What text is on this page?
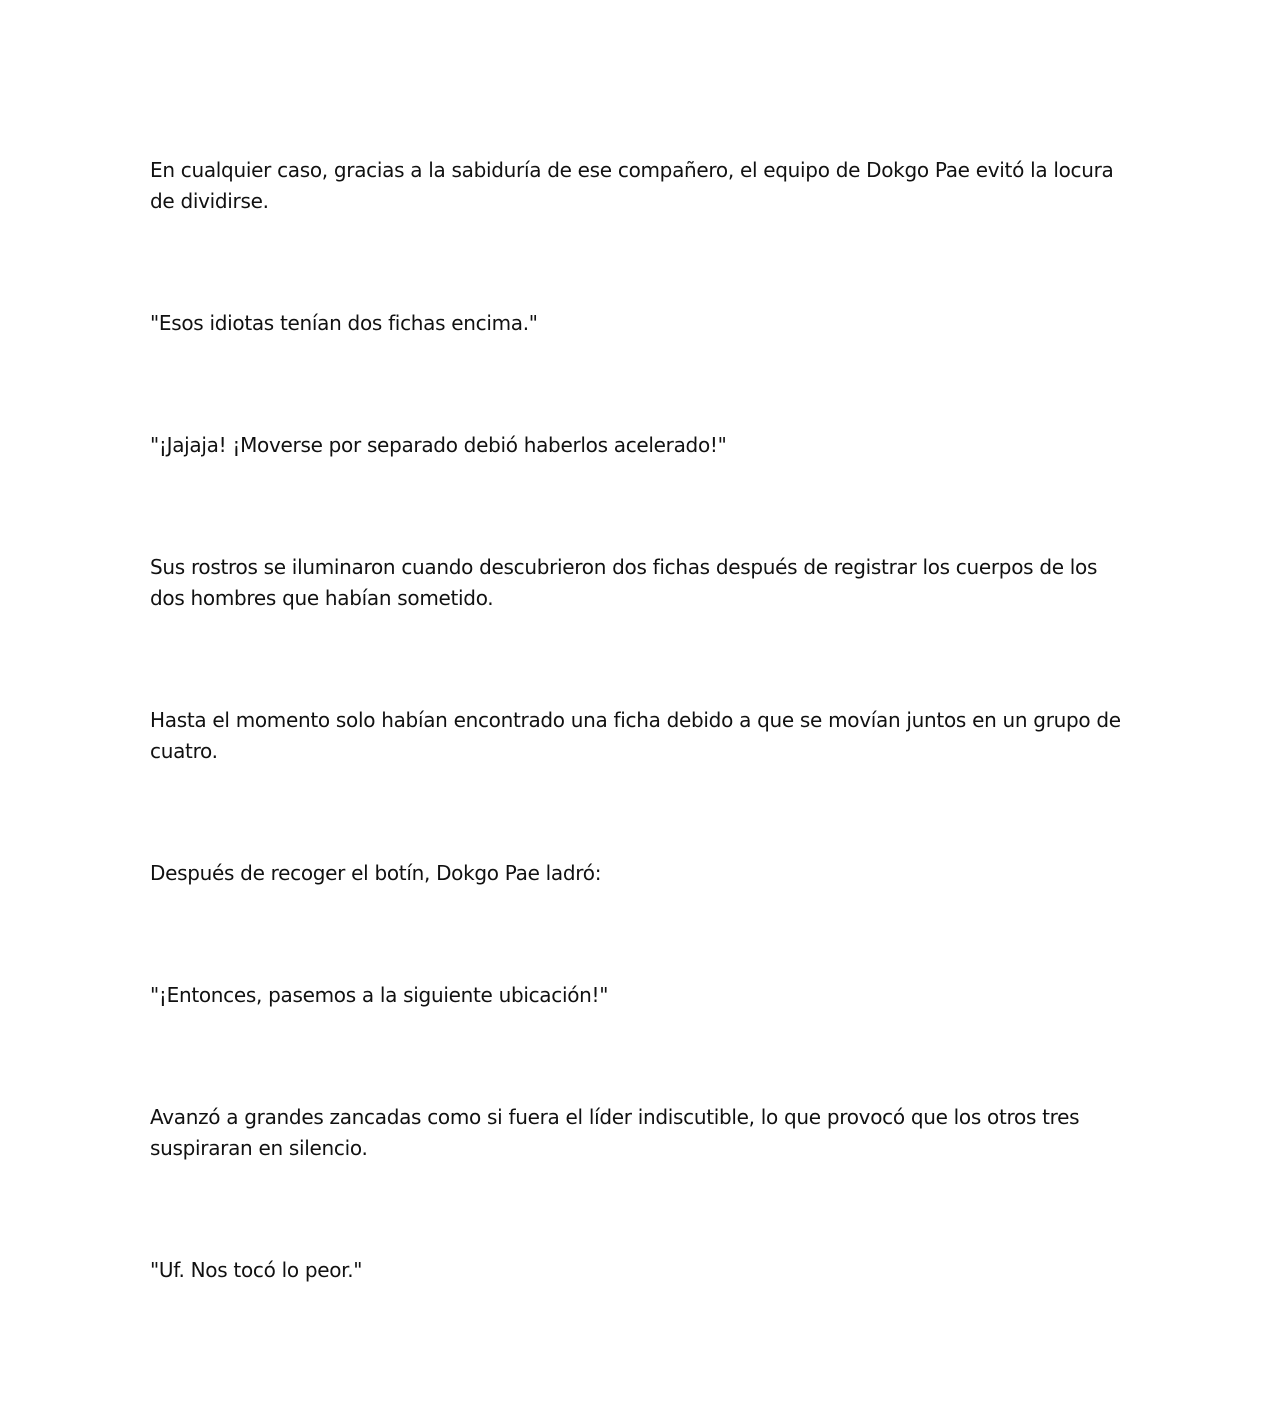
En cualquier caso, gracias a la sabiduría de ese compañero, el equipo de Dokgo Pae evitó la locura de dividirse.

"Esos idiotas tenían dos fichas encima."

"¡Jajaja! ¡Moverse por separado debió haberlos acelerado!"

Sus rostros se iluminaron cuando descubrieron dos fichas después de registrar los cuerpos de los dos hombres que habían sometido.

Hasta el momento solo habían encontrado una ficha debido a que se movían juntos en un grupo de cuatro.

Después de recoger el botín, Dokgo Pae ladró:

"¡Entonces, pasemos a la siguiente ubicación!"

Avanzó a grandes zancadas como si fuera el líder indiscutible, lo que provocó que los otros tres suspiraran en silencio.

"Uf. Nos tocó lo peor."
